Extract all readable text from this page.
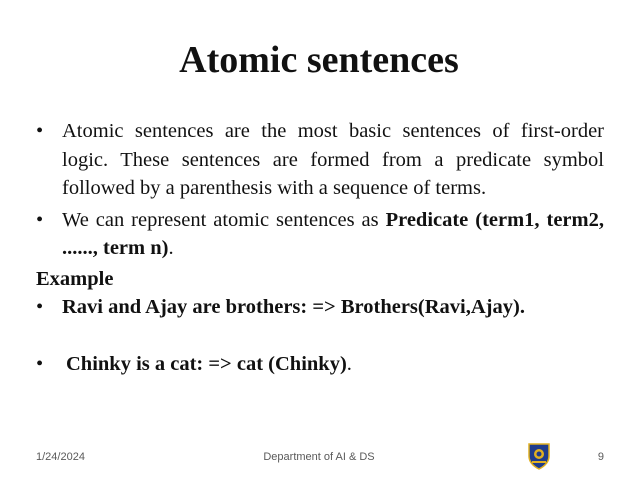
Atomic sentences
• Atomic sentences are the most basic sentences of first-order logic. These sentences are formed from a predicate symbol followed by a parenthesis with a sequence of terms.
• We can represent atomic sentences as Predicate (term1, term2, ......, term n).
Example
• Ravi and Ajay are brothers: => Brothers(Ravi,Ajay).
• Chinky is a cat: => cat (Chinky).
1/24/2024	Department of AI & DS	9
